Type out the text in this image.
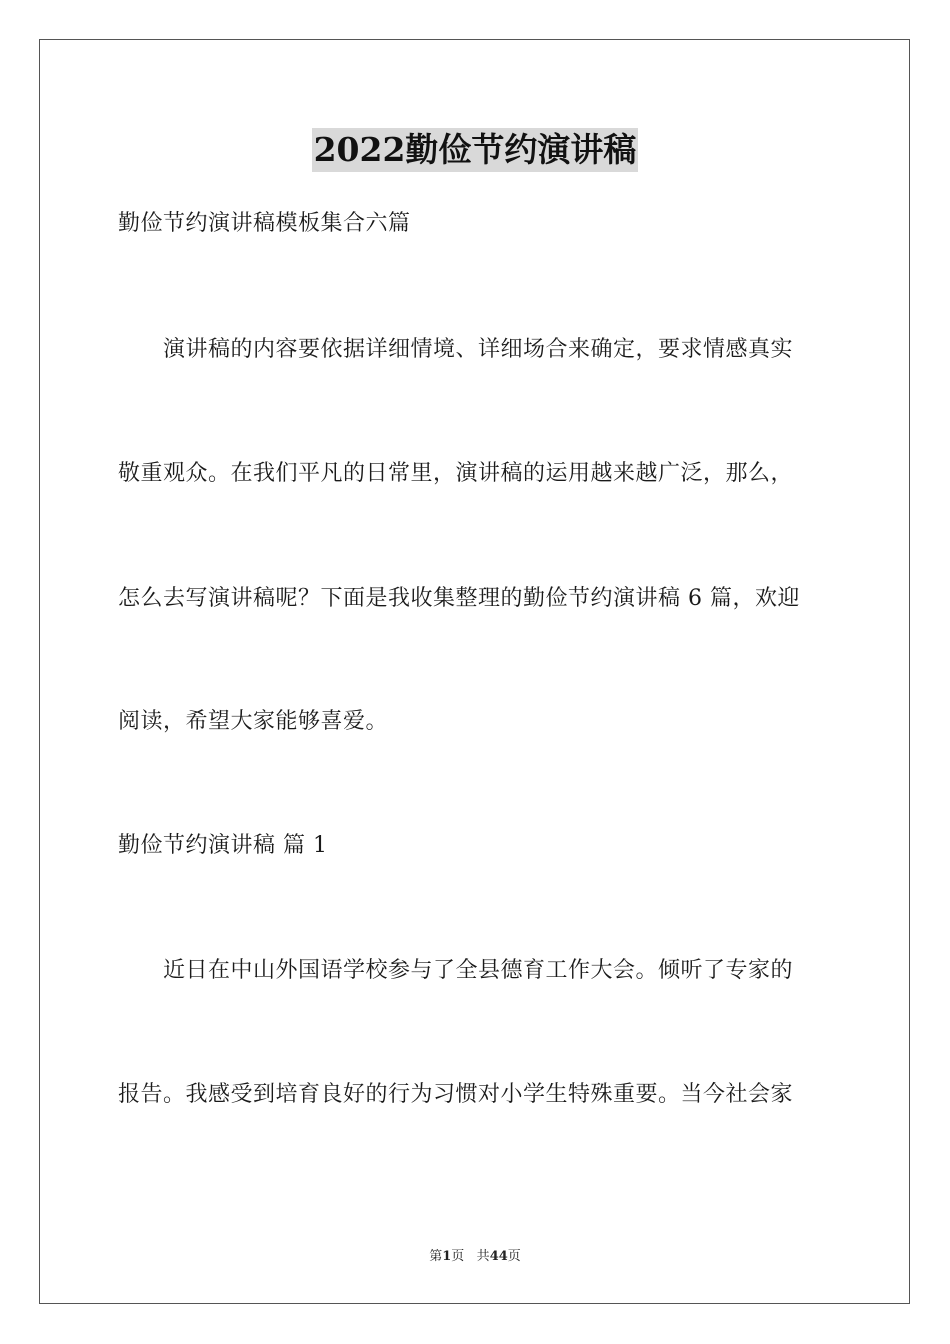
2022勤俭节约演讲稿
勤俭节约演讲稿模板集合六篇
　　演讲稿的内容要依据详细情境、详细场合来确定，要求情感真实
敬重观众。在我们平凡的日常里，演讲稿的运用越来越广泛，那么，
怎么去写演讲稿呢？下面是我收集整理的勤俭节约演讲稿 6 篇，欢迎
阅读，希望大家能够喜爱。
勤俭节约演讲稿 篇 1
　　近日在中山外国语学校参与了全县德育工作大会。倾听了专家的
报告。我感受到培育良好的行为习惯对小学生特殊重要。当今社会家
第1页 共44页
